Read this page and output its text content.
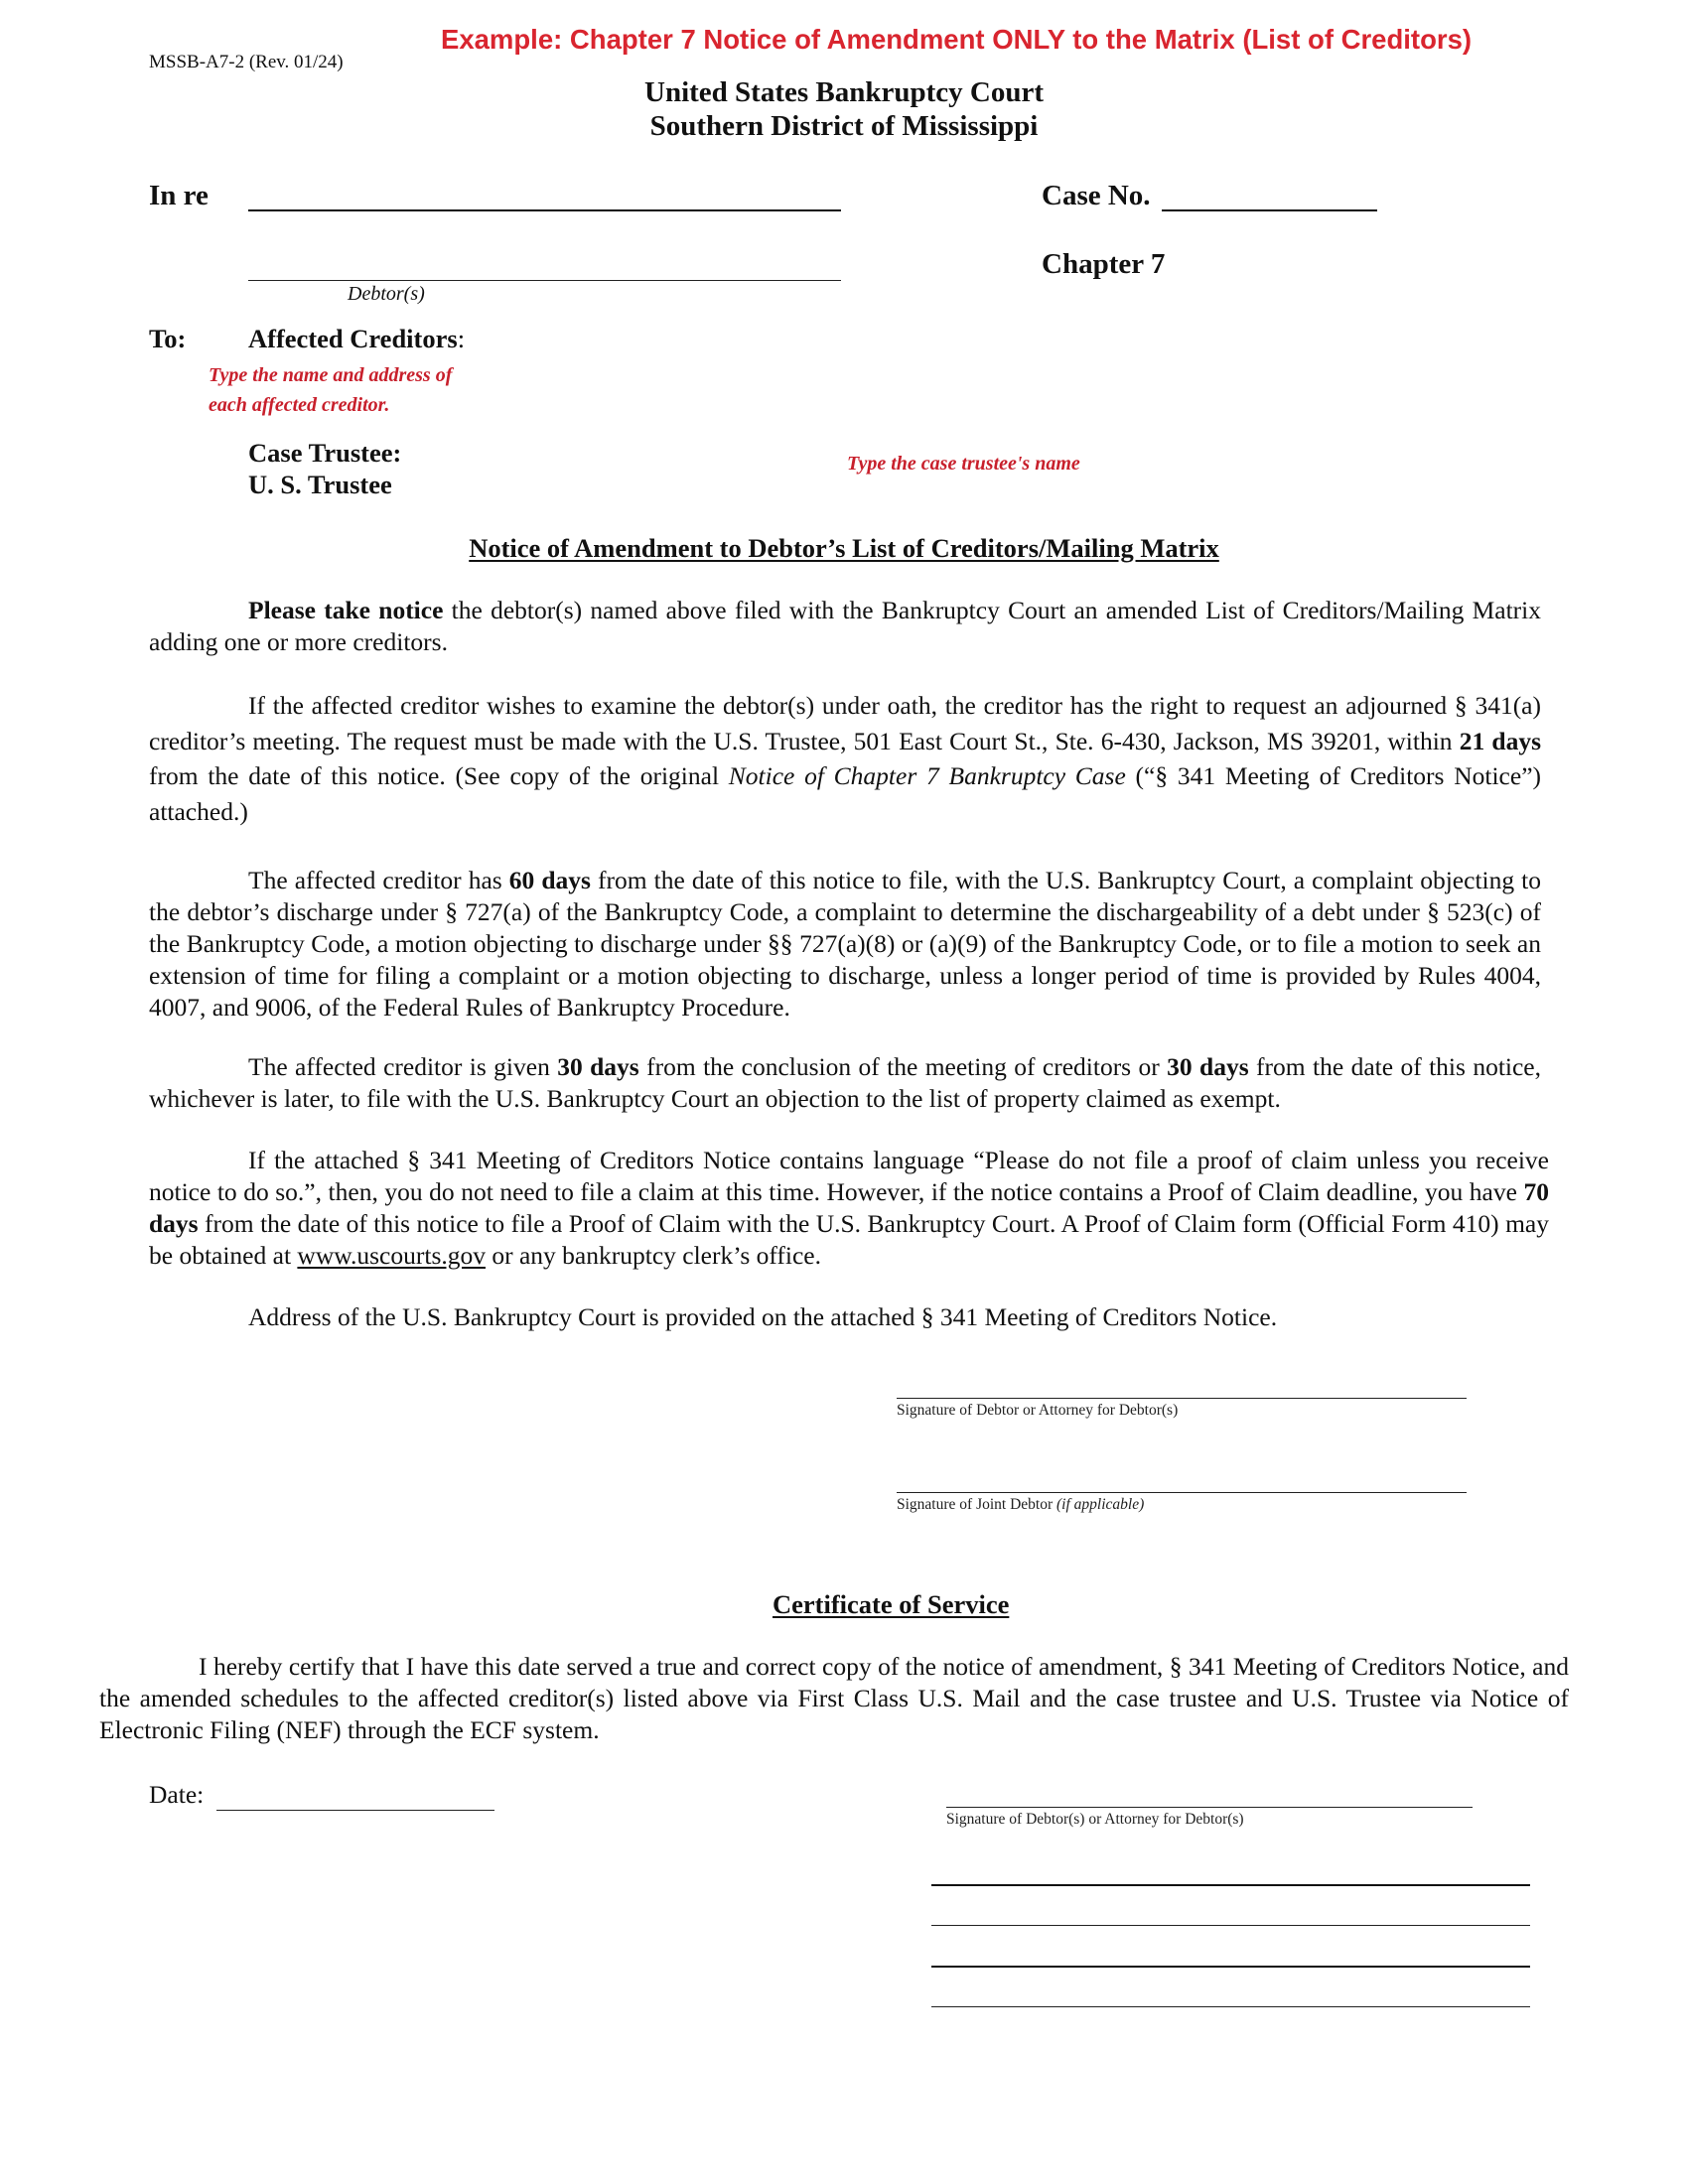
MSSB-A7-2 (Rev. 01/24)
Example: Chapter 7 Notice of Amendment ONLY to the Matrix (List of Creditors)
United States Bankruptcy Court
Southern District of Mississippi
In re
Debtor(s)
Case No.
Chapter 7
To: Affected Creditors:
Type the name and address of
each affected creditor.
Case Trustee:
U. S. Trustee
Type the case trustee's name
Notice of Amendment to Debtor’s List of Creditors/Mailing Matrix
Please take notice the debtor(s) named above filed with the Bankruptcy Court an amended List of Creditors/Mailing Matrix adding one or more creditors.
If the affected creditor wishes to examine the debtor(s) under oath, the creditor has the right to request an adjourned § 341(a) creditor’s meeting. The request must be made with the U.S. Trustee, 501 East Court St., Ste. 6-430, Jackson, MS 39201, within 21 days from the date of this notice. (See copy of the original Notice of Chapter 7 Bankruptcy Case (“§ 341 Meeting of Creditors Notice”) attached.)
The affected creditor has 60 days from the date of this notice to file, with the U.S. Bankruptcy Court, a complaint objecting to the debtor’s discharge under § 727(a) of the Bankruptcy Code, a complaint to determine the dischargeability of a debt under § 523(c) of the Bankruptcy Code, a motion objecting to discharge under §§ 727(a)(8) or (a)(9) of the Bankruptcy Code, or to file a motion to seek an extension of time for filing a complaint or a motion objecting to discharge, unless a longer period of time is provided by Rules 4004, 4007, and 9006, of the Federal Rules of Bankruptcy Procedure.
The affected creditor is given 30 days from the conclusion of the meeting of creditors or 30 days from the date of this notice, whichever is later, to file with the U.S. Bankruptcy Court an objection to the list of property claimed as exempt.
If the attached § 341 Meeting of Creditors Notice contains language “Please do not file a proof of claim unless you receive notice to do so.”, then, you do not need to file a claim at this time. However, if the notice contains a Proof of Claim deadline, you have 70 days from the date of this notice to file a Proof of Claim with the U.S. Bankruptcy Court. A Proof of Claim form (Official Form 410) may be obtained at www.uscourts.gov or any bankruptcy clerk’s office.
Address of the U.S. Bankruptcy Court is provided on the attached § 341 Meeting of Creditors Notice.
Signature of Debtor or Attorney for Debtor(s)
Signature of Joint Debtor (if applicable)
Certificate of Service
I hereby certify that I have this date served a true and correct copy of the notice of amendment, § 341 Meeting of Creditors Notice, and the amended schedules to the affected creditor(s) listed above via First Class U.S. Mail and the case trustee and U.S. Trustee via Notice of Electronic Filing (NEF) through the ECF system.
Date:
Signature of Debtor(s) or Attorney for Debtor(s)
